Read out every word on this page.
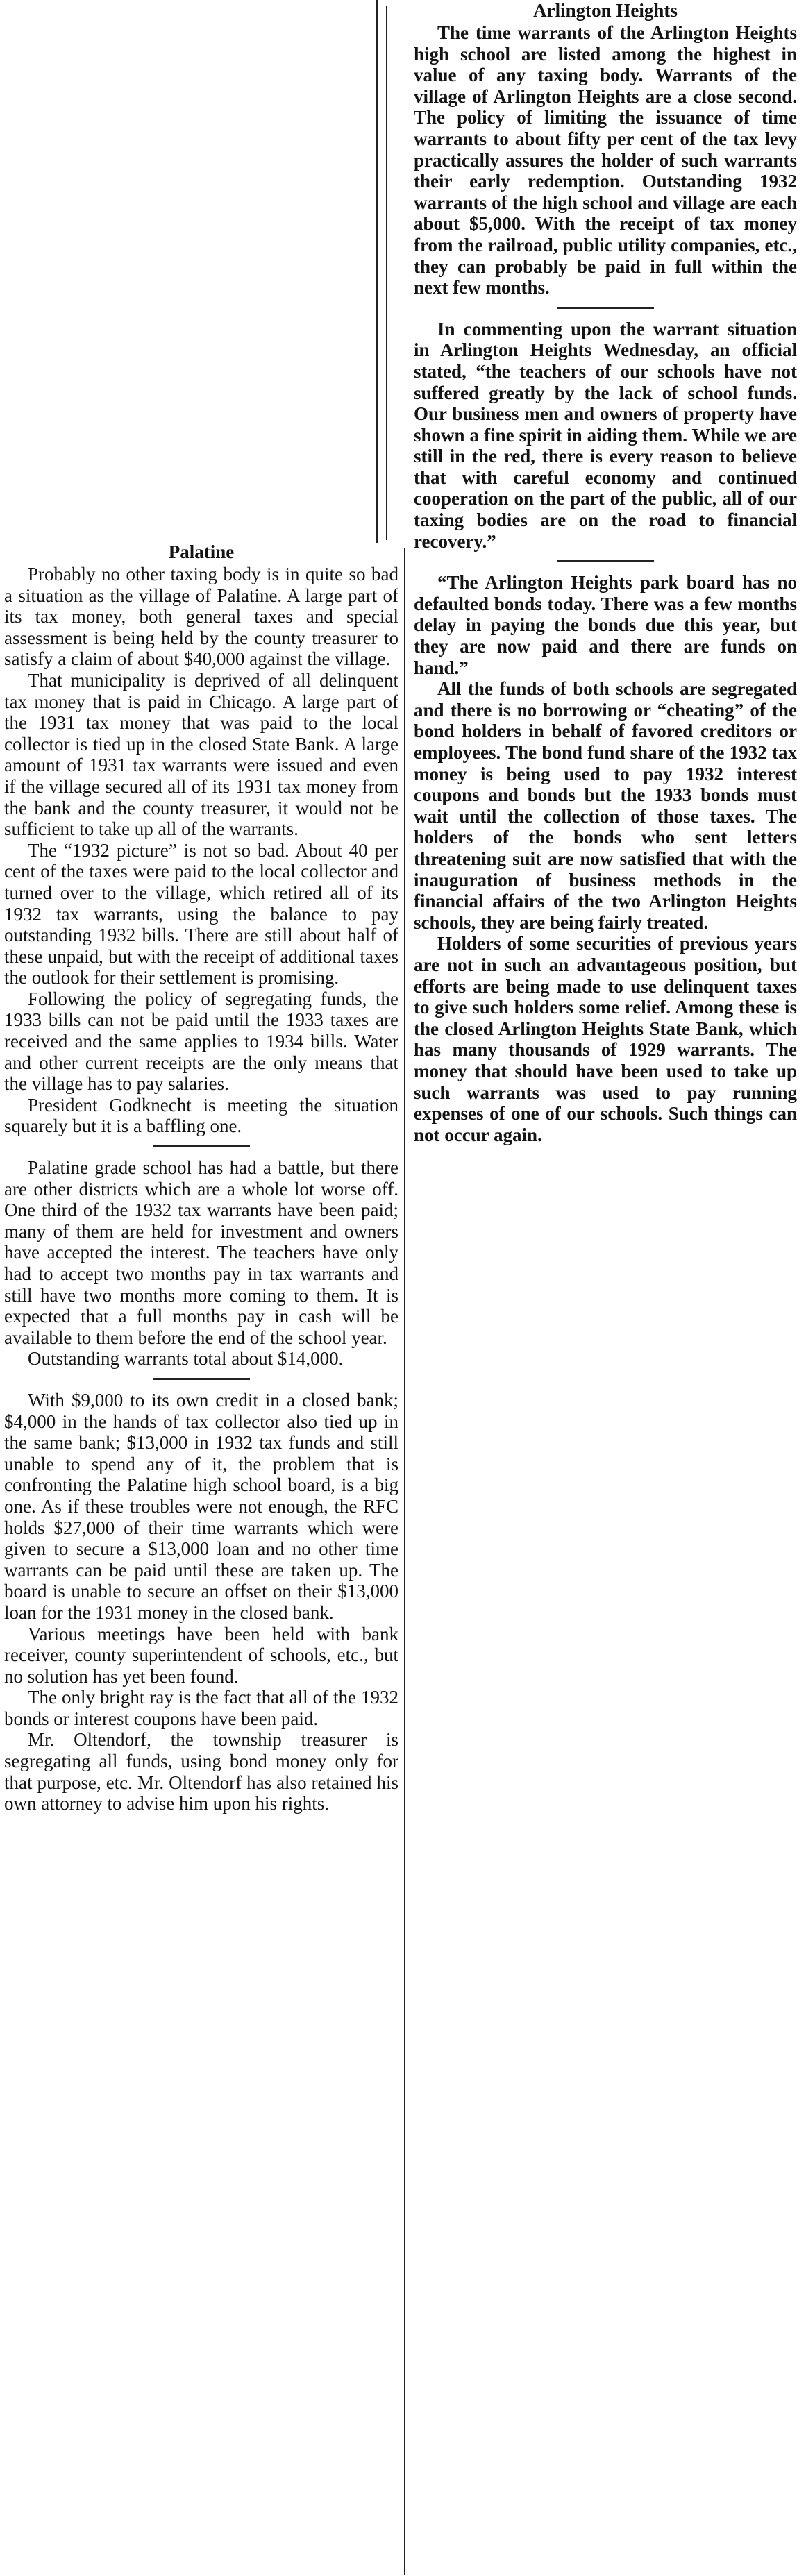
Arlington Heights

The time warrants of the Arlington Heights high school are listed among the highest in value of any taxing body. Warrants of the village of Arlington Heights are a close second. The policy of limiting the issuance of time warrants to about fifty per cent of the tax levy practically assures the holder of such warrants their early redemption. Outstanding 1932 warrants of the high school and village are each about $5,000. With the receipt of tax money from the railroad, public utility companies, etc., they can probably be paid in full within the next few months.

In commenting upon the warrant situation in Arlington Heights Wednesday, an official stated, “the teachers of our schools have not suffered greatly by the lack of school funds. Our business men and owners of property have shown a fine spirit in aiding them. While we are still in the red, there is every reason to believe that with careful economy and continued cooperation on the part of the public, all of our taxing bodies are on the road to financial recovery.”

“The Arlington Heights park board has no defaulted bonds today. There was a few months delay in paying the bonds due this year, but they are now paid and there are funds on hand.”

All the funds of both schools are segregated and there is no borrowing or “cheating” of the bond holders in behalf of favored creditors or employees. The bond fund share of the 1932 tax money is being used to pay 1932 interest coupons and bonds but the 1933 bonds must wait until the collection of those taxes. The holders of the bonds who sent letters threatening suit are now satisfied that with the inauguration of business methods in the financial affairs of the two Arlington Heights schools, they are being fairly treated.

Holders of some securities of previous years are not in such an advantageous position, but efforts are being made to use delinquent taxes to give such holders some relief. Among these is the closed Arlington Heights State Bank, which has many thousands of 1929 warrants. The money that should have been used to take up such warrants was used to pay running expenses of one of our schools. Such things can not occur again.

Palatine

Probably no other taxing body is in quite so bad a situation as the village of Palatine. A large part of its tax money, both general taxes and special assessment is being held by the county treasurer to satisfy a claim of about $40,000 against the village.

That municipality is deprived of all delinquent tax money that is paid in Chicago. A large part of the 1931 tax money that was paid to the local collector is tied up in the closed State Bank. A large amount of 1931 tax warrants were issued and even if the village secured all of its 1931 tax money from the bank and the county treasurer, it would not be sufficient to take up all of the warrants.

The “1932 picture” is not so bad. About 40 per cent of the taxes were paid to the local collector and turned over to the village, which retired all of its 1932 tax warrants, using the balance to pay outstanding 1932 bills. There are still about half of these unpaid, but with the receipt of additional taxes the outlook for their settlement is promising.

Following the policy of segregating funds, the 1933 bills can not be paid until the 1933 taxes are received and the same applies to 1934 bills. Water and other current receipts are the only means that the village has to pay salaries.

President Godknecht is meeting the situation squarely but it is a baffling one.

Palatine grade school has had a battle, but there are other districts which are a whole lot worse off. One third of the 1932 tax warrants have been paid; many of them are held for investment and owners have accepted the interest. The teachers have only had to accept two months pay in tax warrants and still have two months more coming to them. It is expected that a full months pay in cash will be available to them before the end of the school year.

Outstanding warrants total about $14,000.

With $9,000 to its own credit in a closed bank; $4,000 in the hands of tax collector also tied up in the same bank; $13,000 in 1932 tax funds and still unable to spend any of it, the problem that is confronting the Palatine high school board, is a big one. As if these troubles were not enough, the RFC holds $27,000 of their time warrants which were given to secure a $13,000 loan and no other time warrants can be paid until these are taken up. The board is unable to secure an offset on their $13,000 loan for the 1931 money in the closed bank.

Various meetings have been held with bank receiver, county superintendent of schools, etc., but no solution has yet been found.

The only bright ray is the fact that all of the 1932 bonds or interest coupons have been paid.

Mr. Oltendorf, the township treasurer is segregating all funds, using bond money only for that purpose, etc. Mr. Oltendorf has also retained his own attorney to advise him upon his rights.
